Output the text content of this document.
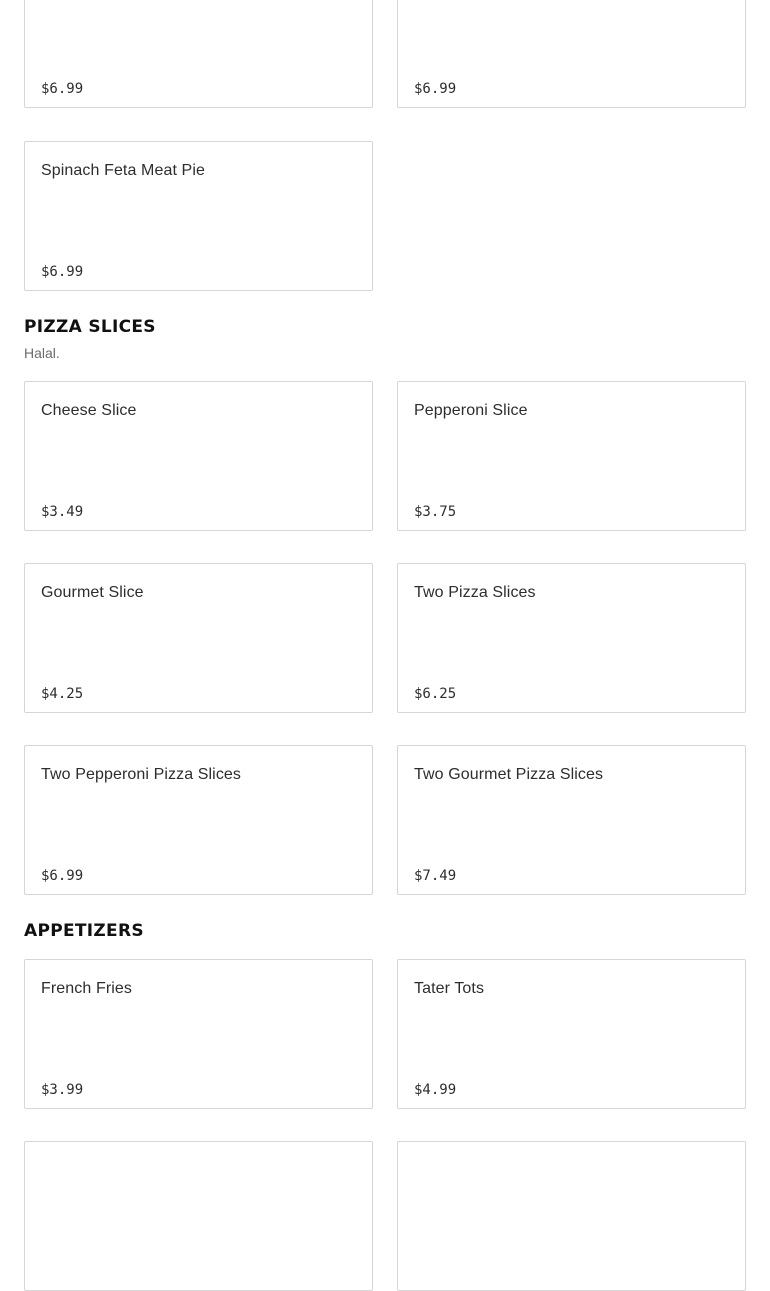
$6.99	$6.99
Spinach Feta Meat Pie
$6.99
PIZZA SLICES
Halal.
Cheese Slice
$3.49
Pepperoni Slice
$3.75
Gourmet Slice
$4.25
Two Pizza Slices
$6.25
Two Pepperoni Pizza Slices
$6.99
Two Gourmet Pizza Slices
$7.49
APPETIZERS
French Fries
$3.99
Tater Tots
$4.99
